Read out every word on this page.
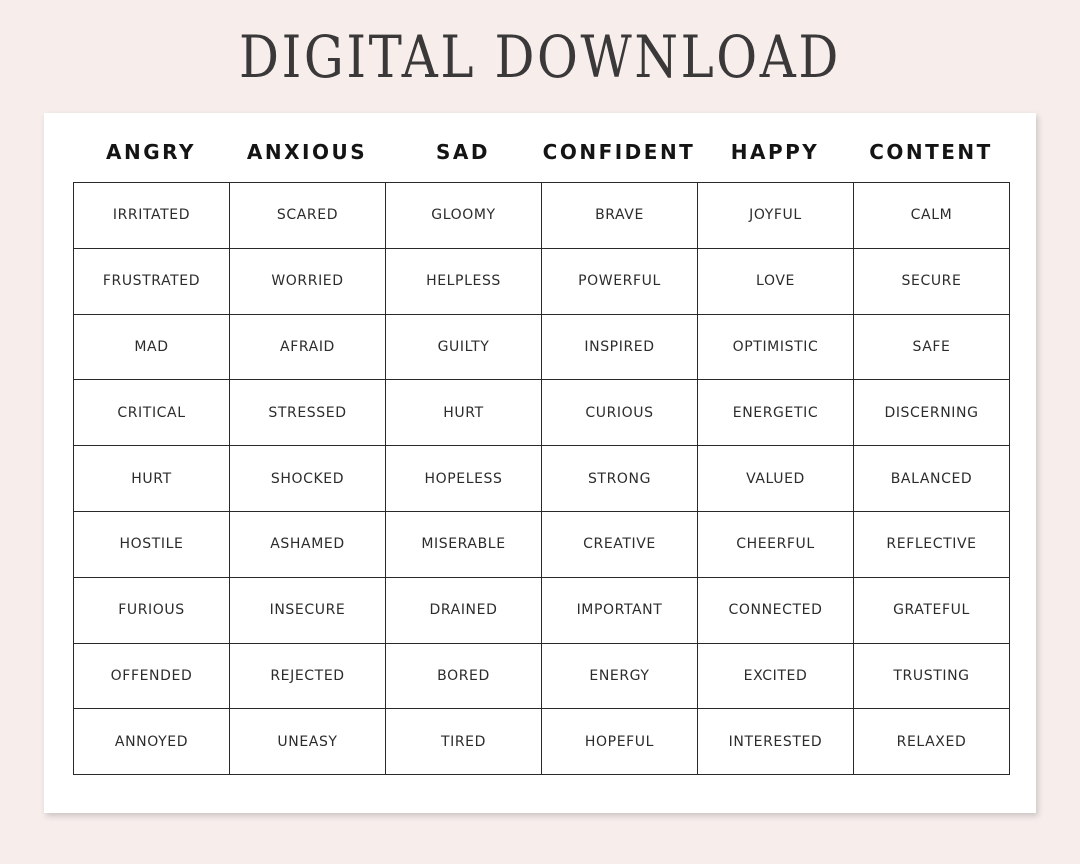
DIGITAL DOWNLOAD
ANGRY	ANXIOUS	SAD	CONFIDENT	HAPPY	CONTENT
IRRITATED	SCARED	GLOOMY	BRAVE	JOYFUL	CALM
FRUSTRATED	WORRIED	HELPLESS	POWERFUL	LOVE	SECURE
MAD	AFRAID	GUILTY	INSPIRED	OPTIMISTIC	SAFE
CRITICAL	STRESSED	HURT	CURIOUS	ENERGETIC	DISCERNING
HURT	SHOCKED	HOPELESS	STRONG	VALUED	BALANCED
HOSTILE	ASHAMED	MISERABLE	CREATIVE	CHEERFUL	REFLECTIVE
FURIOUS	INSECURE	DRAINED	IMPORTANT	CONNECTED	GRATEFUL
OFFENDED	REJECTED	BORED	ENERGY	EXCITED	TRUSTING
ANNOYED	UNEASY	TIRED	HOPEFUL	INTERESTED	RELAXED
